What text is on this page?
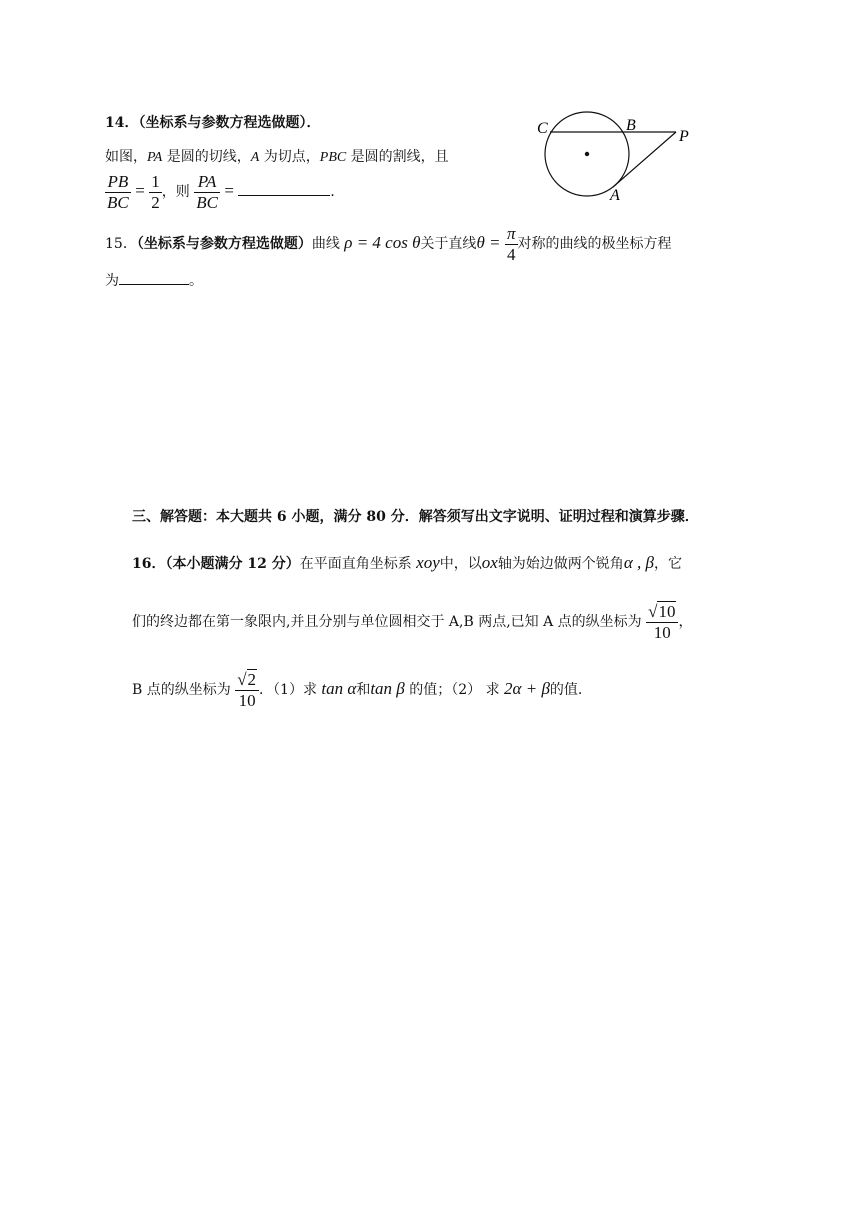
14．（坐标系与参数方程选做题）．
如图，PA 是圆的切线，A 为切点，PBC 是圆的割线，且
$\frac{PB}{BC} = \frac{1}{2}$ ，则 $\frac{PA}{BC}$ =	．
C	B
P
A
15．（坐标系与参数方程选做题）曲线 ρ = 4 cos θ关于直线$\theta = \frac{\pi}{4}$ 对称的曲线的极坐标方程
为	。
三、解答题：本大题共 6 小题，满分 80 分．解答须写出文字说明、证明过程和演算步骤．
16．（本小题满分 12 分）在平面直角坐标系 xoy中，以ox轴为始边做两个锐角α , β，它
们的终边都在第一象限内,并且分别与单位圆相交于 A,B 两点,已知 A 点的纵坐标为 $\frac{√10}{10}$ ，
B 点的纵坐标为 $\frac{√2}{10}$ ．（1）求 tan α和tan β 的值；（2） 求 2α + β的值.
